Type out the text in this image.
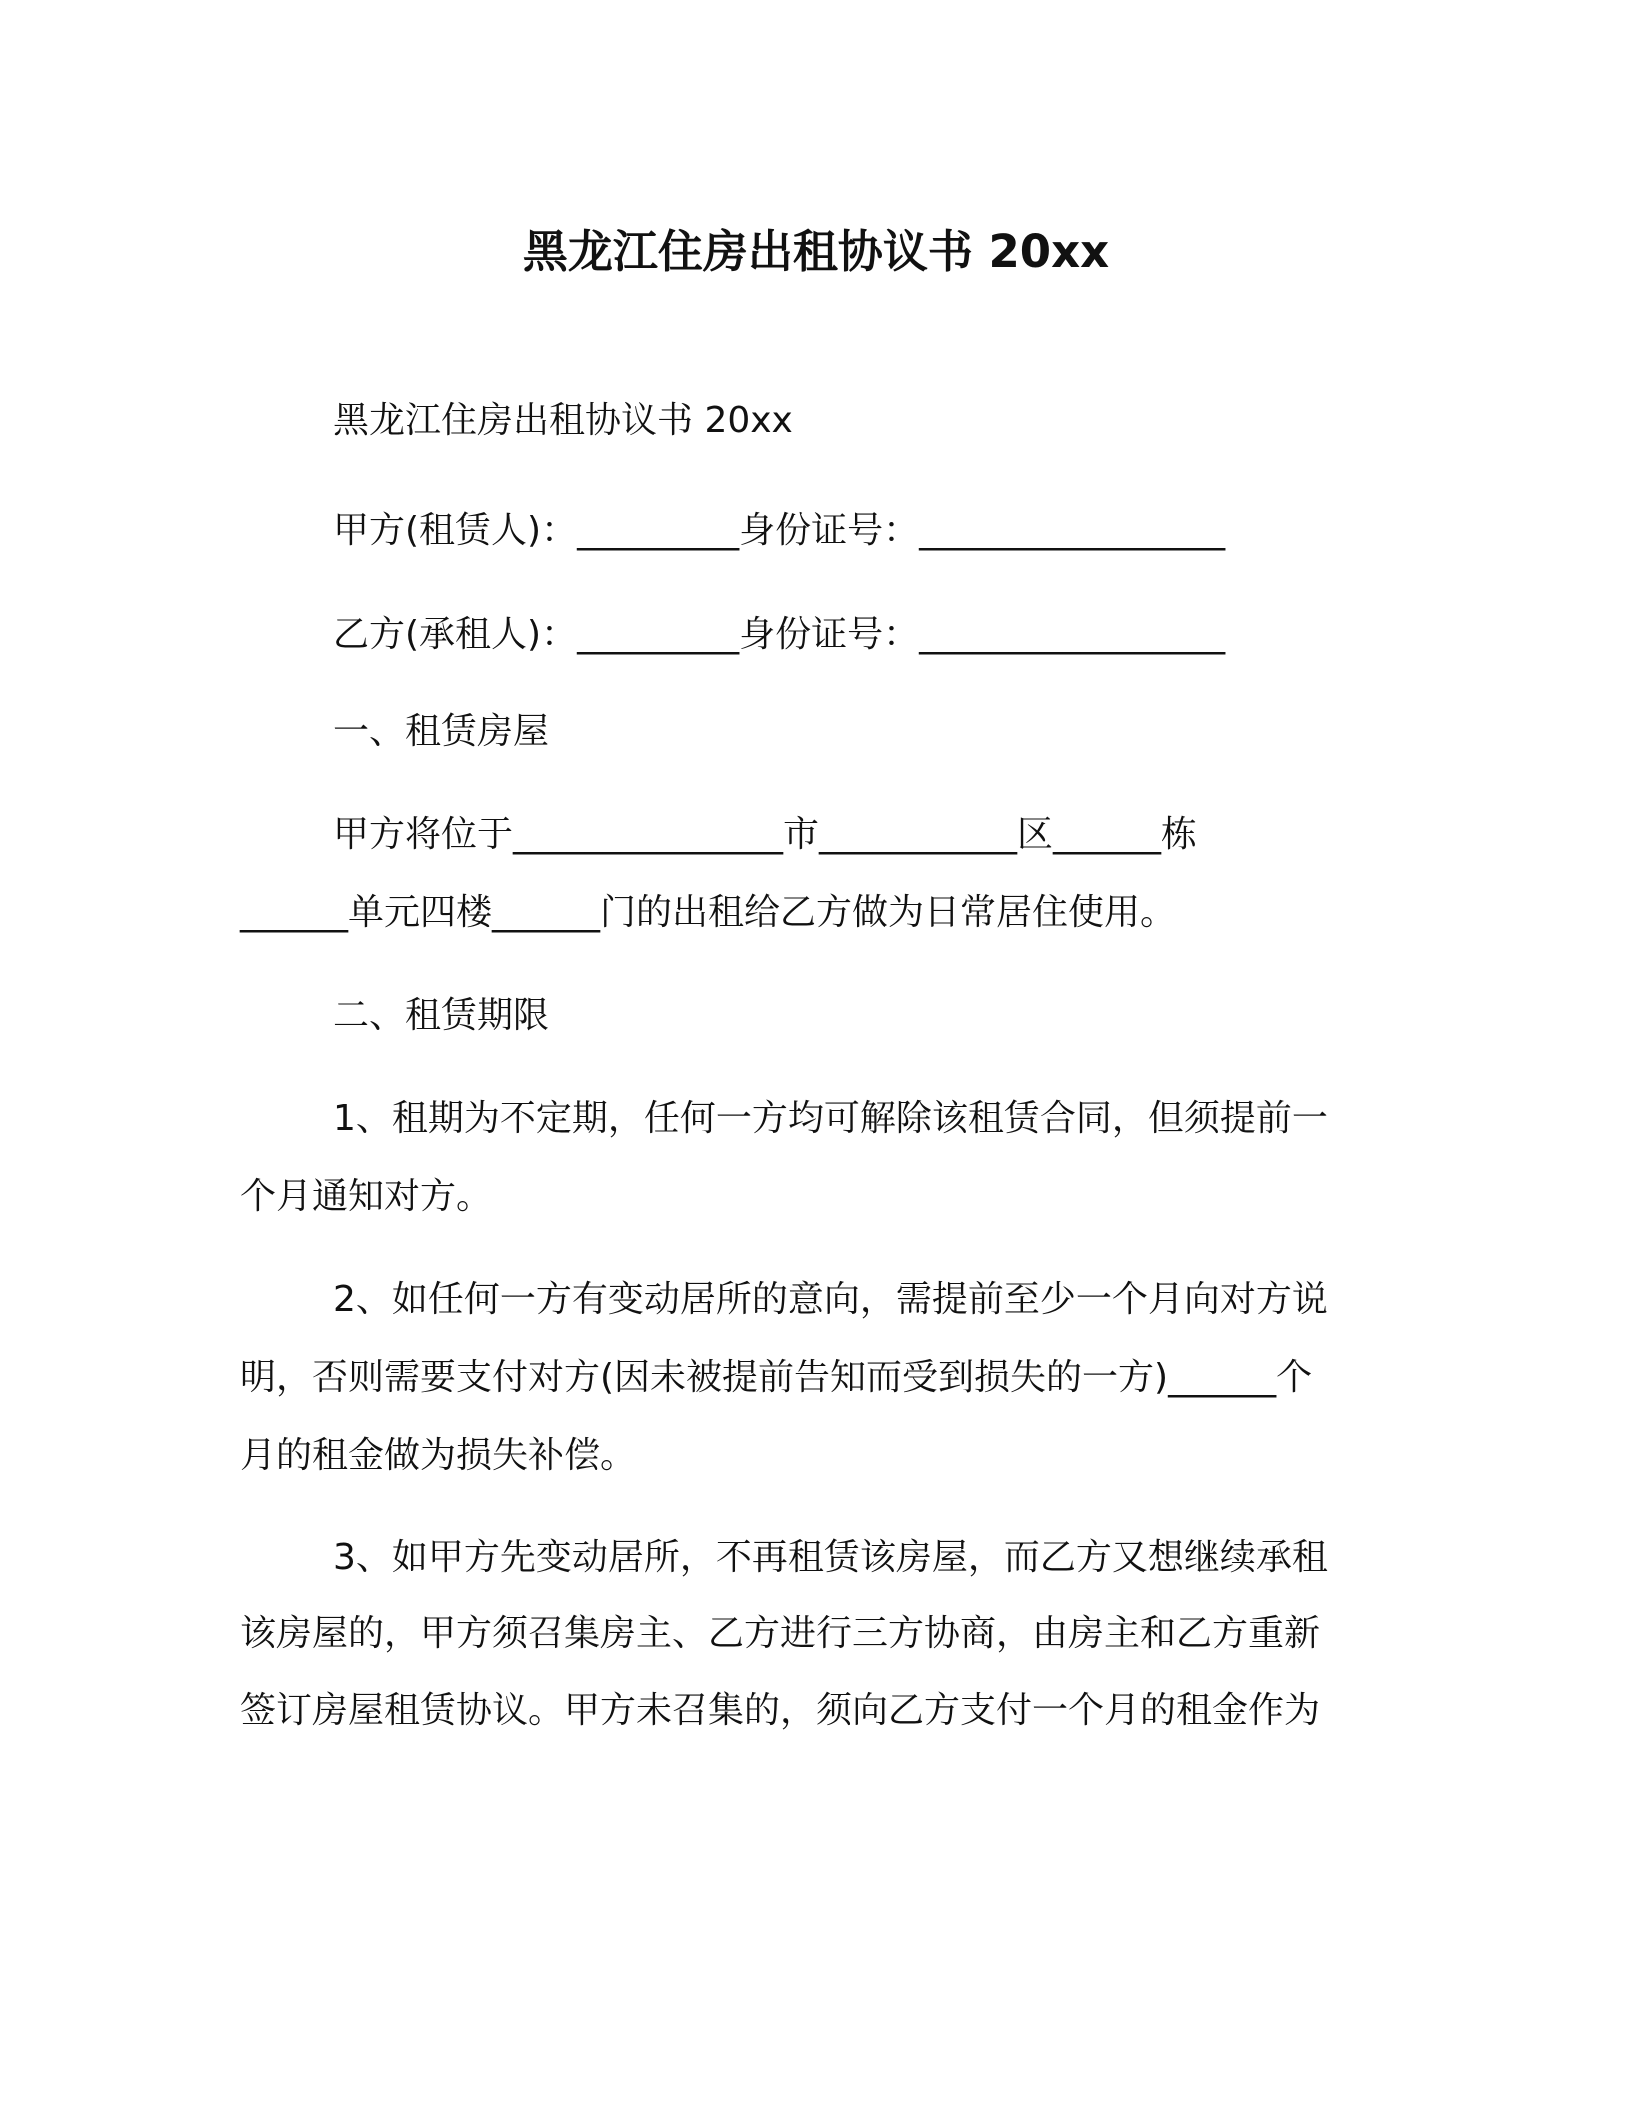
黑龙江住房出租协议书 20xx
黑龙江住房出租协议书 20xx
甲方(租赁人)：_________身份证号：_________________
乙方(承租人)：_________身份证号：_________________
一、租赁房屋
甲方将位于_______________市___________区______栋
______单元四楼______门的出租给乙方做为日常居住使用。
二、租赁期限
1、租期为不定期，任何一方均可解除该租赁合同，但须提前一
个月通知对方。
2、如任何一方有变动居所的意向，需提前至少一个月向对方说
明，否则需要支付对方(因未被提前告知而受到损失的一方)______个
月的租金做为损失补偿。
3、如甲方先变动居所，不再租赁该房屋，而乙方又想继续承租
该房屋的，甲方须召集房主、乙方进行三方协商，由房主和乙方重新
签订房屋租赁协议。甲方未召集的，须向乙方支付一个月的租金作为
